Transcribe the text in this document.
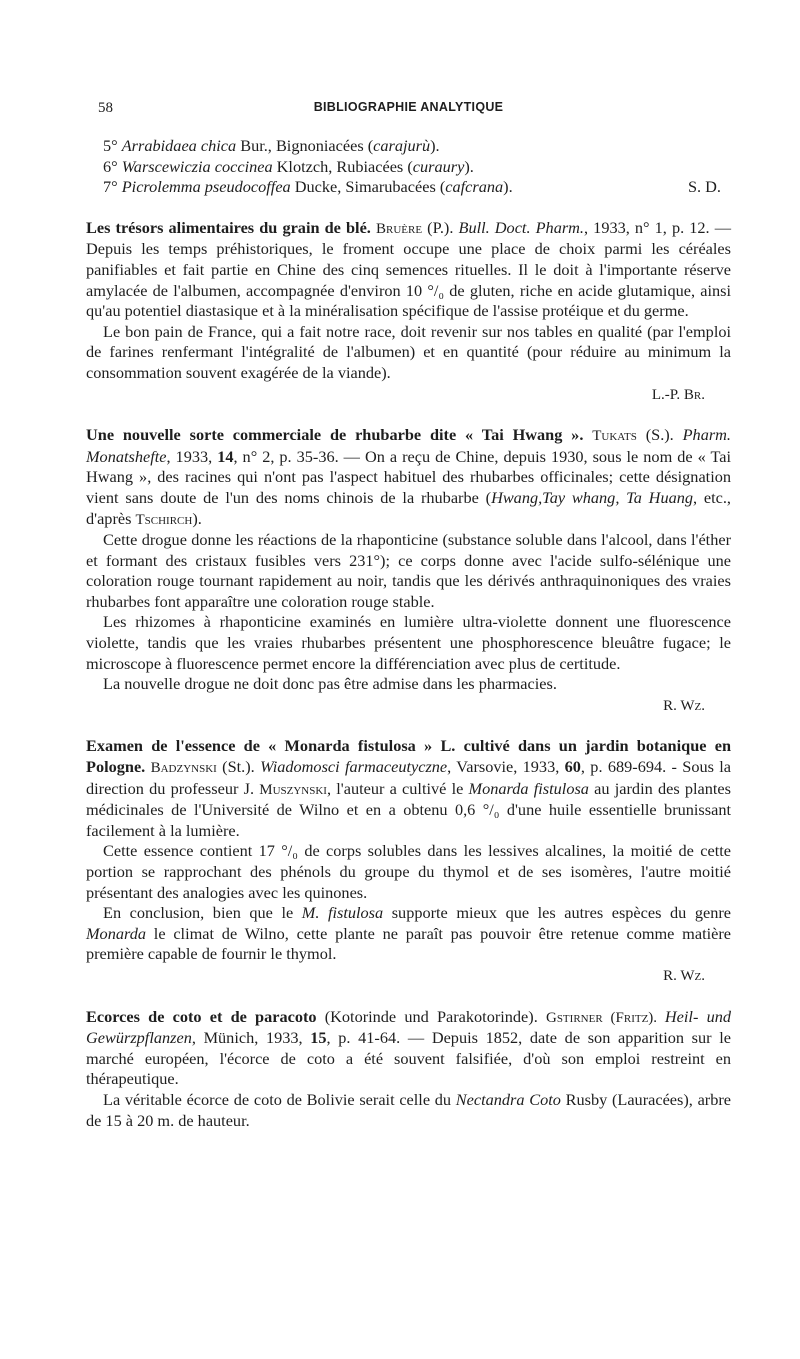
58	BIBLIOGRAPHIE ANALYTIQUE

5° Arrabidaea chica Bur., Bignoniacées (carajurù).

6° Warscewiczia coccinea Klotzch, Rubiacées (curaury).

7° Picrolemma pseudocoffea Ducke, Simarubacées (cafcrana).	S. D.

Les trésors alimentaires du grain de blé. Bruère (P.). Bull. Doct. Pharm., 1933, n° 1, p. 12. — Depuis les temps préhistoriques, le froment occupe une place de choix parmi les céréales panifiables et fait partie en Chine des cinq semences rituelles. Il le doit à l'importante réserve amylacée de l'albumen, accompagnée d'environ 10 °/₀ de gluten, riche en acide glutamique, ainsi qu'au potentiel diastasique et à la minéralisation spécifique de l'assise protéique et du germe.

Le bon pain de France, qui a fait notre race, doit revenir sur nos tables en qualité (par l'emploi de farines renfermant l'intégralité de l'albumen) et en quantité (pour réduire au minimum la consommation souvent exagérée de la viande).

L.-P. Br.

Une nouvelle sorte commerciale de rhubarbe dite « Tai Hwang ». Tukats (S.). Pharm. Monatshefte, 1933, 14, n° 2, p. 35-36. — On a reçu de Chine, depuis 1930, sous le nom de « Tai Hwang », des racines qui n'ont pas l'aspect habituel des rhubarbes officinales; cette désignation vient sans doute de l'un des noms chinois de la rhubarbe (Hwang,Tay whang, Ta Huang, etc., d'après Tschirch).

Cette drogue donne les réactions de la rhaponticine (substance soluble dans l'alcool, dans l'éther et formant des cristaux fusibles vers 231°); ce corps donne avec l'acide sulfo-sélénique une coloration rouge tournant rapidement au noir, tandis que les dérivés anthraquinoniques des vraies rhubarbes font apparaître une coloration rouge stable.

Les rhizomes à rhaponticine examinés en lumière ultra-violette donnent une fluorescence violette, tandis que les vraies rhubarbes présentent une phosphorescence bleuâtre fugace; le microscope à fluorescence permet encore la différenciation avec plus de certitude.

La nouvelle drogue ne doit donc pas être admise dans les pharmacies.

R. Wz.

Examen de l'essence de « Monarda fistulosa » L. cultivé dans un jardin botanique en Pologne. Badzynski (St.). Wiadomosci farmaceutyczne, Varsovie, 1933, 60, p. 689-694. - Sous la direction du professeur J. Muszynski, l'auteur a cultivé le Monarda fistulosa au jardin des plantes médicinales de l'Université de Wilno et en a obtenu 0,6 °/₀ d'une huile essentielle brunissant facilement à la lumière.

Cette essence contient 17 °/₀ de corps solubles dans les lessives alcalines, la moitié de cette portion se rapprochant des phénols du groupe du thymol et de ses isomères, l'autre moitié présentant des analogies avec les quinones.

En conclusion, bien que le M. fistulosa supporte mieux que les autres espèces du genre Monarda le climat de Wilno, cette plante ne paraît pas pouvoir être retenue comme matière première capable de fournir le thymol.

R. Wz.

Ecorces de coto et de paracoto (Kotorinde und Parakotorinde). Gstirner (Fritz). Heil- und Gewürzpflanzen, Münich, 1933, 15, p. 41-64. — Depuis 1852, date de son apparition sur le marché européen, l'écorce de coto a été souvent falsifiée, d'où son emploi restreint en thérapeutique.

La véritable écorce de coto de Bolivie serait celle du Nectandra Coto Rusby (Lauracées), arbre de 15 à 20 m. de hauteur.
